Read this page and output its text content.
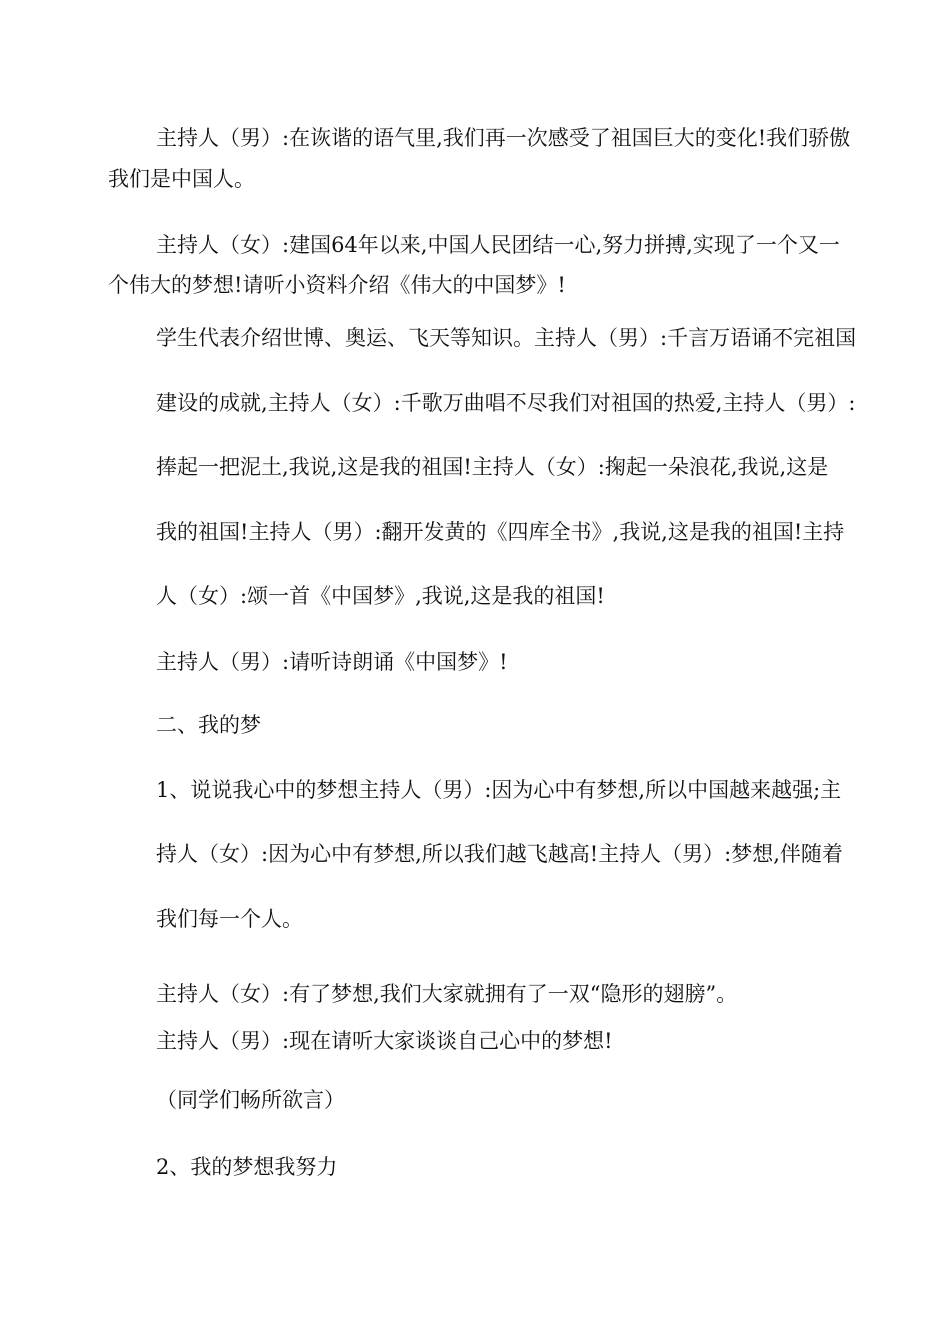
主持人（男）:在诙谐的语气里,我们再一次感受了祖国巨大的变化!我们骄傲
我们是中国人。
主持人（女）:建国64年以来,中国人民团结一心,努力拼搏,实现了一个又一
个伟大的梦想!请听小资料介绍《伟大的中国梦》!
学生代表介绍世博、奥运、飞天等知识。主持人（男）:千言万语诵不完祖国
建设的成就,主持人（女）:千歌万曲唱不尽我们对祖国的热爱,主持人（男）:
捧起一把泥土,我说,这是我的祖国!主持人（女）:掬起一朵浪花,我说,这是
我的祖国!主持人（男）:翻开发黄的《四库全书》,我说,这是我的祖国!主持
人（女）:颂一首《中国梦》,我说,这是我的祖国!
主持人（男）:请听诗朗诵《中国梦》!
二、我的梦
1、说说我心中的梦想主持人（男）:因为心中有梦想,所以中国越来越强;主
持人（女）:因为心中有梦想,所以我们越飞越高!主持人（男）:梦想,伴随着
我们每一个人。
主持人（女）:有了梦想,我们大家就拥有了一双“隐形的翅膀”。
主持人（男）:现在请听大家谈谈自己心中的梦想!
（同学们畅所欲言）
2、我的梦想我努力
